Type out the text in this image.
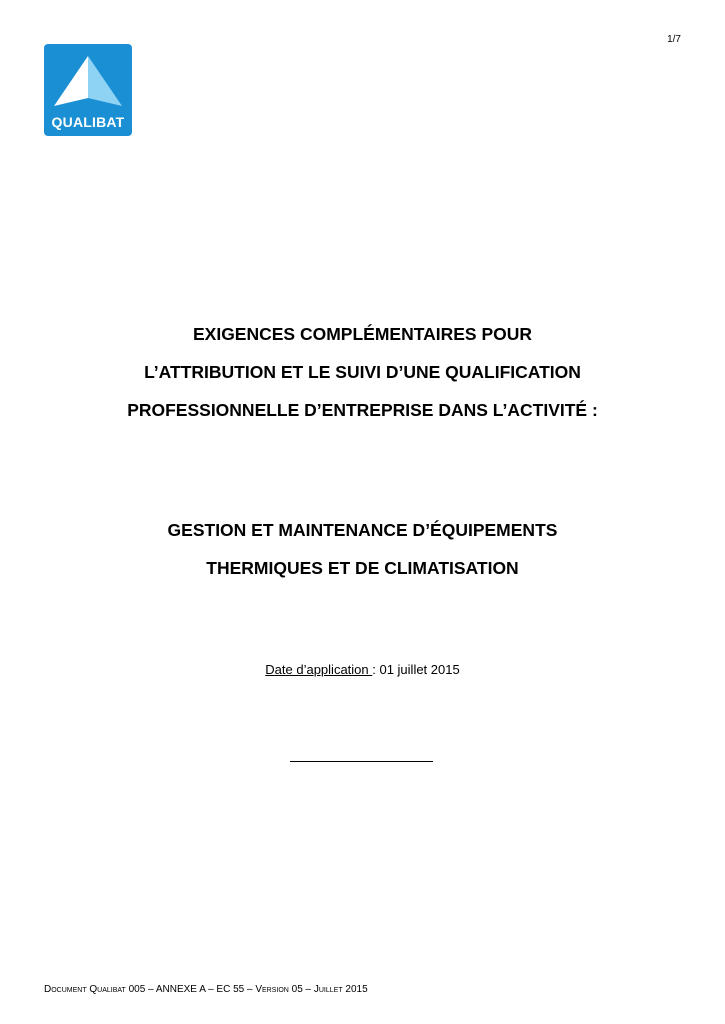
1/7
QUALIBAT
EXIGENCES COMPLÉMENTAIRES POUR
L’ATTRIBUTION ET LE SUIVI D’UNE QUALIFICATION
PROFESSIONNELLE D’ENTREPRISE DANS L’ACTIVITÉ :
GESTION ET MAINTENANCE D’ÉQUIPEMENTS
THERMIQUES ET DE CLIMATISATION
Date d’application : 01 juillet 2015
Document Qualibat 005 – ANNEXE A – EC 55 – Version 05 – Juillet 2015
